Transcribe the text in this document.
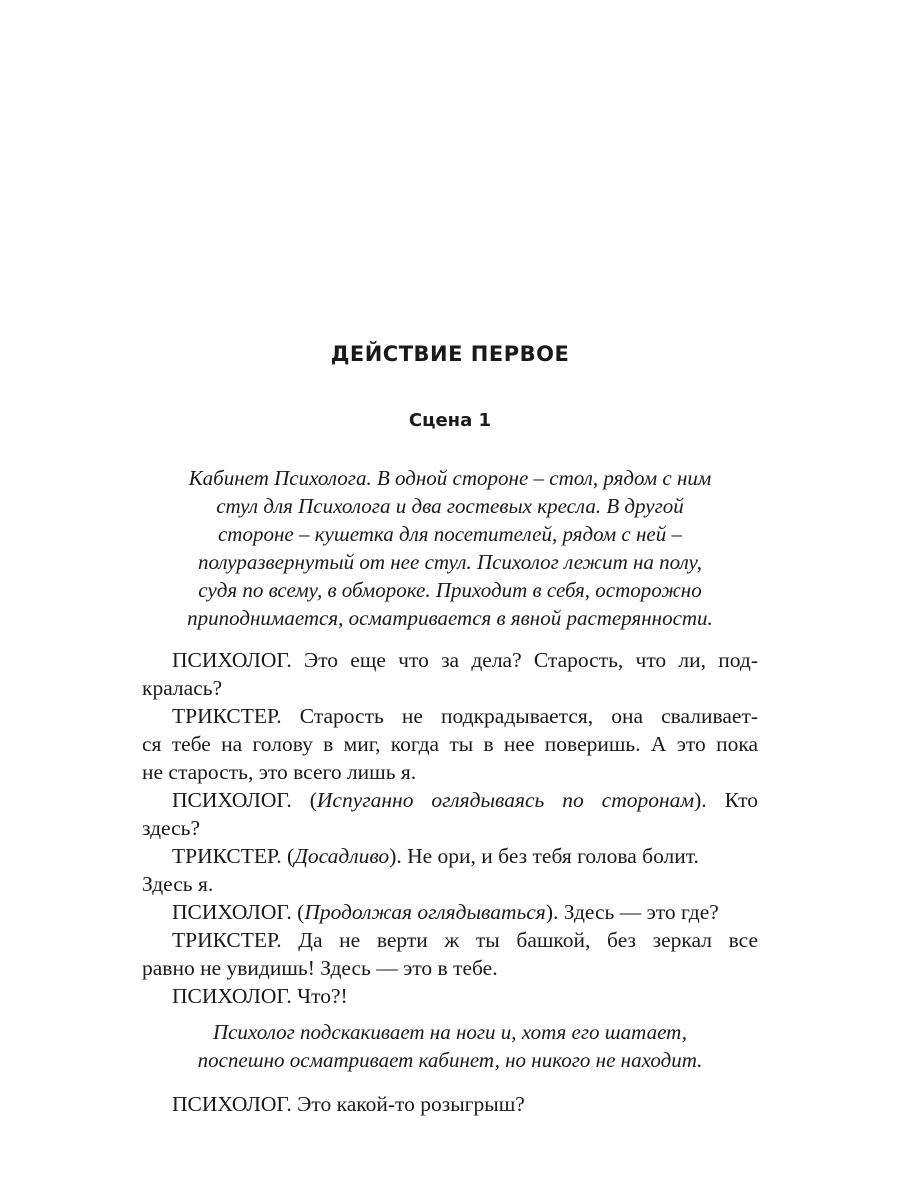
ДЕЙСТВИЕ ПЕРВОЕ
Сцена 1
Кабинет Психолога. В одной стороне – стол, рядом с ним
стул для Психолога и два гостевых кресла. В другой
стороне – кушетка для посетителей, рядом с ней –
полуразвернутый от нее стул. Психолог лежит на полу,
судя по всему, в обмороке. Приходит в себя, осторожно
приподнимается, осматривается в явной растерянности.
ПСИХОЛОГ. Это еще что за дела? Старость, что ли, под-
кралась?
ТРИКСТЕР. Старость не подкрадывается, она сваливает-
ся тебе на голову в миг, когда ты в нее поверишь. А это пока
не старость, это всего лишь я.
ПСИХОЛОГ. (Испуганно оглядываясь по сторонам). Кто
здесь?
ТРИКСТЕР. (Досадливо). Не ори, и без тебя голова болит.
Здесь я.
ПСИХОЛОГ. (Продолжая оглядываться). Здесь — это где?
ТРИКСТЕР. Да не верти ж ты башкой, без зеркал все
равно не увидишь! Здесь — это в тебе.
ПСИХОЛОГ. Что?!
Психолог подскакивает на ноги и, хотя его шатает,
поспешно осматривает кабинет, но никого не находит.
ПСИХОЛОГ. Это какой-то розыгрыш?
